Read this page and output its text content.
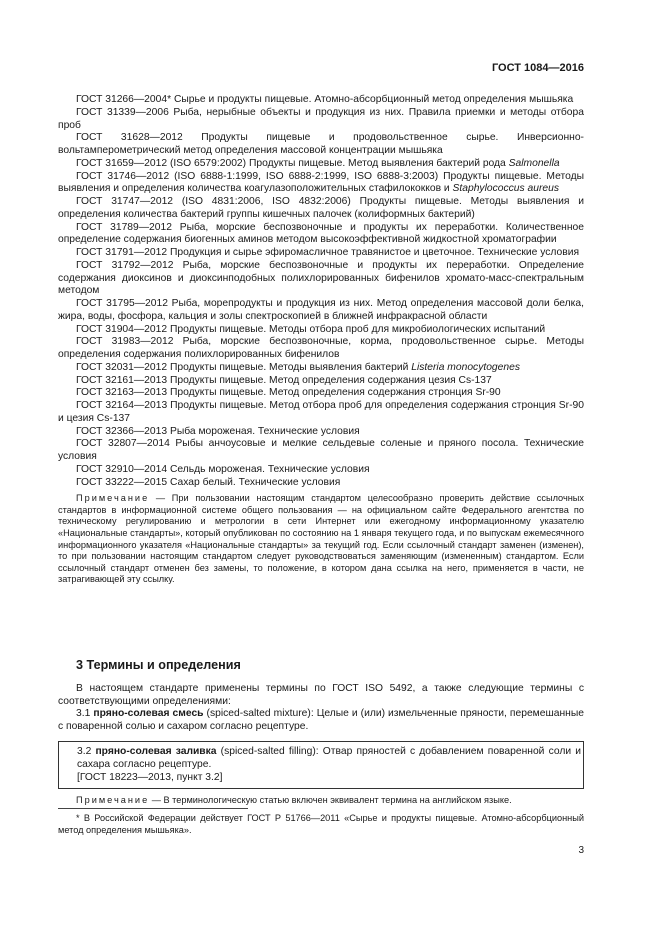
ГОСТ 1084—2016

ГОСТ 31266—2004* Сырье и продукты пищевые. Атомно-абсорбционный метод определения мышьяка

ГОСТ 31339—2006 Рыба, нерыбные объекты и продукция из них. Правила приемки и методы отбора проб

ГОСТ 31628—2012 Продукты пищевые и продовольственное сырье. Инверсионно-вольтамперометрический метод определения массовой концентрации мышьяка

ГОСТ 31659—2012 (ISO 6579:2002) Продукты пищевые. Метод выявления бактерий рода Salmonella

ГОСТ 31746—2012 (ISO 6888-1:1999, ISO 6888-2:1999, ISO 6888-3:2003) Продукты пищевые. Методы выявления и определения количества коагулазоположительных стафилококков и Staphylococcus aureus

ГОСТ 31747—2012 (ISO 4831:2006, ISO 4832:2006) Продукты пищевые. Методы выявления и определения количества бактерий группы кишечных палочек (колиформных бактерий)

ГОСТ 31789—2012 Рыба, морские беспозвоночные и продукты их переработки. Количественное определение содержания биогенных аминов методом высокоэффективной жидкостной хроматографии

ГОСТ 31791—2012 Продукция и сырье эфиромасличное травянистое и цветочное. Технические условия

ГОСТ 31792—2012 Рыба, морские беспозвоночные и продукты их переработки. Определение содержания диоксинов и диоксинподобных полихлорированных бифенилов хромато-масс-спектральным методом

ГОСТ 31795—2012 Рыба, морепродукты и продукция из них. Метод определения массовой доли белка, жира, воды, фосфора, кальция и золы спектроскопией в ближней инфракрасной области

ГОСТ 31904—2012 Продукты пищевые. Методы отбора проб для микробиологических испытаний

ГОСТ 31983—2012 Рыба, морские беспозвоночные, корма, продовольственное сырье. Методы определения содержания полихлорированных бифенилов

ГОСТ 32031—2012 Продукты пищевые. Методы выявления бактерий Listeria monocytogenes

ГОСТ 32161—2013 Продукты пищевые. Метод определения содержания цезия Cs-137

ГОСТ 32163—2013 Продукты пищевые. Метод определения содержания стронция Sr-90

ГОСТ 32164—2013 Продукты пищевые. Метод отбора проб для определения содержания стронция Sr-90 и цезия Cs-137

ГОСТ 32366—2013 Рыба мороженая. Технические условия

ГОСТ 32807—2014 Рыбы анчоусовые и мелкие сельдевые соленые и пряного посола. Технические условия

ГОСТ 32910—2014 Сельдь мороженая. Технические условия

ГОСТ 33222—2015 Сахар белый. Технические условия

Примечание — При пользовании настоящим стандартом целесообразно проверить действие ссылочных стандартов в информационной системе общего пользования — на официальном сайте Федерального агентства по техническому регулированию и метрологии в сети Интернет или ежегодному информационному указателю «Национальные стандарты», который опубликован по состоянию на 1 января текущего года, и по выпускам ежемесячного информационного указателя «Национальные стандарты» за текущий год. Если ссылочный стандарт заменен (изменен), то при пользовании настоящим стандартом следует руководствоваться заменяющим (измененным) стандартом. Если ссылочный стандарт отменен без замены, то положение, в котором дана ссылка на него, применяется в части, не затрагивающей эту ссылку.

3 Термины и определения

В настоящем стандарте применены термины по ГОСТ ISO 5492, а также следующие термины с соответствующими определениями:

3.1 пряно-солевая смесь (spiced-salted mixture): Целые и (или) измельченные пряности, перемешанные с поваренной солью и сахаром согласно рецептуре.

3.2 пряно-солевая заливка (spiced-salted filling): Отвар пряностей с добавлением поваренной соли и сахара согласно рецептуре.

[ГОСТ 18223—2013, пункт 3.2]

Примечание — В терминологическую статью включен эквивалент термина на английском языке.

* В Российской Федерации действует ГОСТ Р 51766—2011 «Сырье и продукты пищевые. Атомно-абсорбционный метод определения мышьяка».
3
